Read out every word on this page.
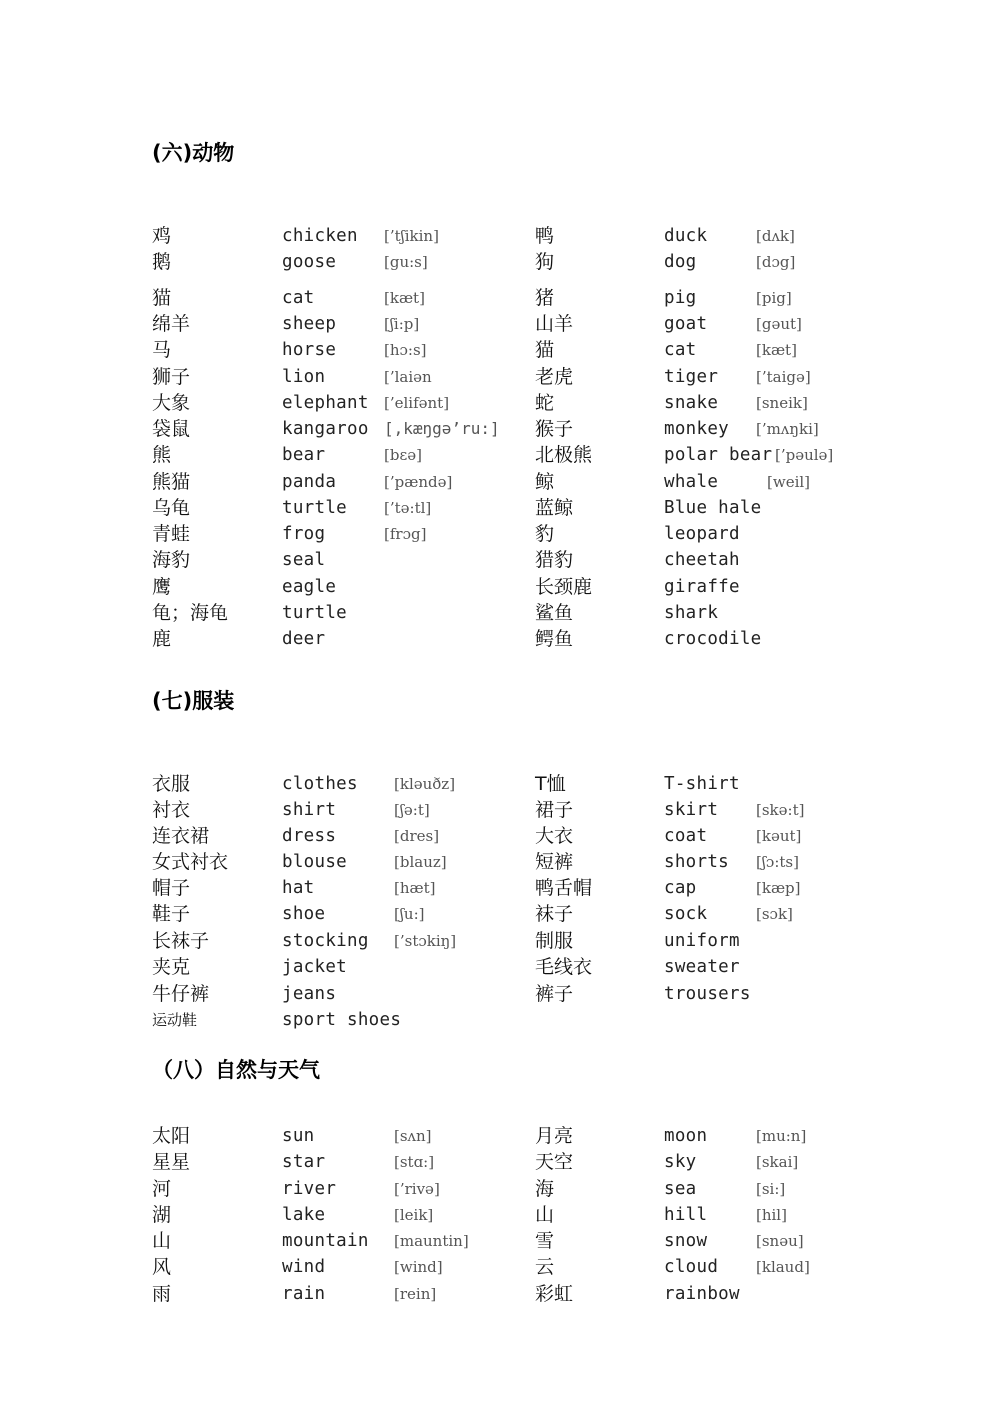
(六)动物
鸡	chicken [’tʃikin]	鸭	duck	[dʌk]
鹅	goose	[gu:s]	狗	dog	[dɔg]
猫	cat	[kæt]	猪	pig	[pig]
绵羊	sheep	[ʃi:p]	山羊	goat	[gəut]
马	horse	[hɔ:s]	猫	cat	[kæt]
狮子	lion	[’laiən	老虎	tiger	[’taigə]
大象	elephant [’elifənt]	蛇	snake	[sneik]
袋鼠	kangaroo [,kæŋgə’ru:] 猴子	monkey [’mʌŋki]
熊	bear	[bɛə]	北极熊	polar bear [’pəulə]
熊猫	panda	[’pændə]	鲸	whale	[weil]
乌龟	turtle [’tə:tl]	蓝鲸	Blue hale
青蛙	frog	[frɔg]	豹	leopard
海豹	seal	猎豹	cheetah
鹰	eagle	长颈鹿	giraffe
龟；海龟	turtle	鲨鱼	shark
鹿	deer	鳄鱼	crocodile
(七)服装
衣服	clothes [kləuðz]	T恤	T-shirt
衬衣	shirt	[ʃə:t]	裙子	skirt	[skə:t]
连衣裙	dress	[dres]	大衣	coat	[kəut]
女式衬衣	blouse	[blauz]	短裤	shorts [ʃɔ:ts]
帽子	hat	[hæt]	鸭舌帽	cap	[kæp]
鞋子	shoe	[ʃu:]	袜子	sock	[sɔk]
长袜子	stocking [’stɔkiŋ]	制服	uniform
夹克	jacket	毛线衣	sweater
牛仔裤	jeans	裤子	trousers
运动鞋	sport shoes
（八）自然与天气
太阳	sun	[sʌn]	月亮	moon	[mu:n]
星星	star	[stɑ:]	天空	sky	[skai]
河	river	[’rivə]	海	sea	[si:]
湖	lake	[leik]	山	hill	[hil]
山	mountain [mauntin]	雪	snow	[snəu]
风	wind	[wind]	云	cloud	[klaud]
雨	rain	[rein]	彩虹	rainbow
